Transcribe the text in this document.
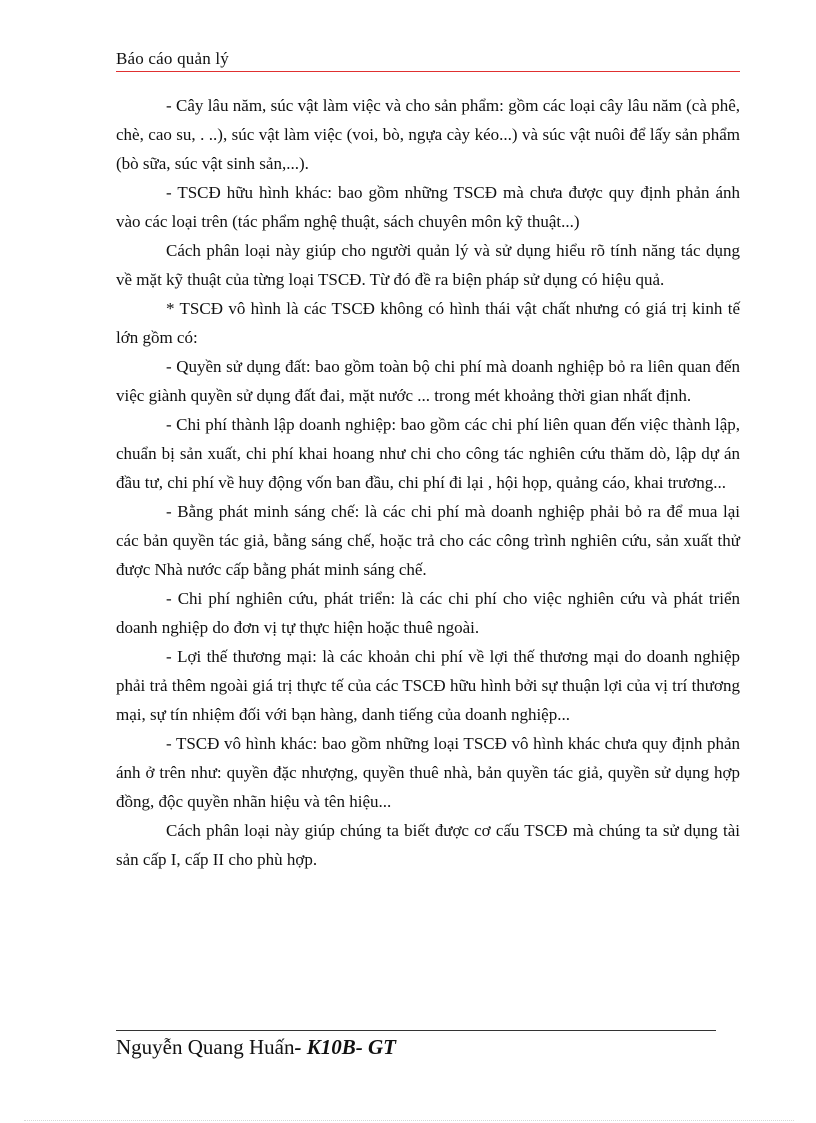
Báo cáo quản lý

- Cây lâu năm, súc vật làm việc và cho sản phẩm: gồm các loại cây lâu năm (cà phê, chè, cao su, . ..), súc vật làm việc (voi, bò, ngựa cày kéo...) và súc vật nuôi để lấy sản phẩm (bò sữa, súc vật sinh sản,...).

- TSCĐ hữu hình khác: bao gồm những TSCĐ mà chưa được quy định phản ánh vào các loại trên (tác phẩm nghệ thuật, sách chuyên môn kỹ thuật...)

Cách phân loại này giúp cho người quản lý và sử dụng hiểu rõ tính năng tác dụng về mặt kỹ thuật của từng loại TSCĐ. Từ đó đề ra biện pháp sử dụng có hiệu quả.

* TSCĐ vô hình là các TSCĐ không có hình thái vật chất nhưng có giá trị kinh tế lớn gồm có:

- Quyền sử dụng đất: bao gồm toàn bộ chi phí mà doanh nghiệp bỏ ra liên quan đến việc giành quyền sử dụng đất đai, mặt nước ... trong mét khoảng thời gian nhất định.

- Chi phí thành lập doanh nghiệp: bao gồm các chi phí liên quan đến việc thành lập, chuẩn bị sản xuất, chi phí khai hoang như chi cho công tác nghiên cứu thăm dò, lập dự án đầu tư, chi phí về huy động vốn ban đầu, chi phí đi lại , hội họp, quảng cáo, khai trương...

- Bằng phát minh sáng chế: là các chi phí mà doanh nghiệp phải bỏ ra để mua lại các bản quyền tác giả, bằng sáng chế, hoặc trả cho các công trình nghiên cứu, sản xuất thử được Nhà nước cấp bằng phát minh sáng chế.

- Chi phí nghiên cứu, phát triển: là các chi phí cho việc nghiên cứu và phát triển doanh nghiệp do đơn vị tự thực hiện hoặc thuê ngoài.

- Lợi thế thương mại: là các khoản chi phí về lợi thế thương mại do doanh nghiệp phải trả thêm ngoài giá trị thực tế của các TSCĐ hữu hình bởi sự thuận lợi của vị trí thương mại, sự tín nhiệm đối với bạn hàng, danh tiếng của doanh nghiệp...

- TSCĐ vô hình khác: bao gồm những loại TSCĐ vô hình khác chưa quy định phản ánh ở trên như: quyền đặc nhượng, quyền thuê nhà, bản quyền tác giả, quyền sử dụng hợp đồng, độc quyền nhãn hiệu và tên hiệu...

Cách phân loại này giúp chúng ta biết được cơ cấu TSCĐ mà chúng ta sử dụng tài sản cấp I, cấp II cho phù hợp.

Nguyễn Quang Huấn- K10B- GT
